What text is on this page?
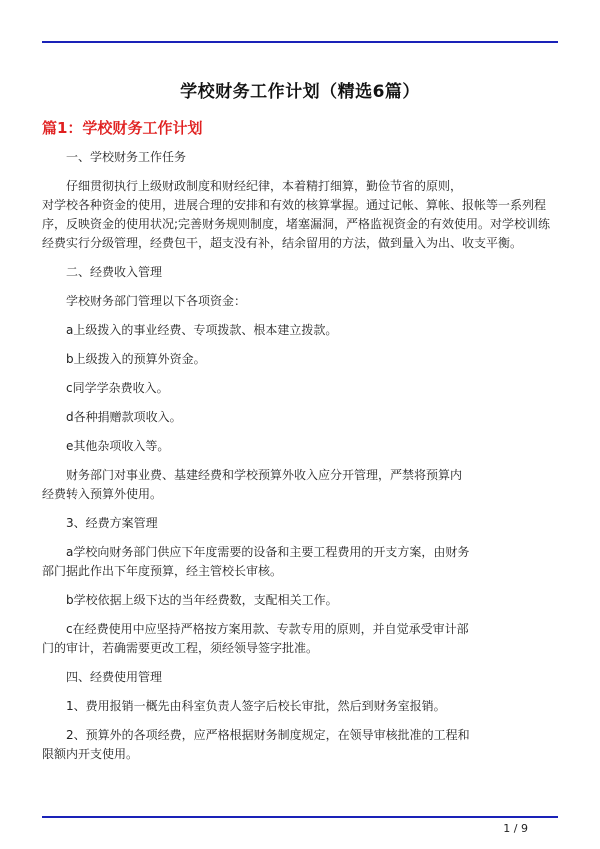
学校财务工作计划（精选6篇）
篇1：学校财务工作计划

一、学校财务工作任务

仔细贯彻执行上级财政制度和财经纪律，本着精打细算，勤俭节省的原则，
对学校各种资金的使用，进展合理的安排和有效的核算掌握。通过记帐、算帐、报帐等一系列程序，反映资金的使用状况;完善财务规则制度，堵塞漏洞，严格监视资金的有效使用。对学校训练经费实行分级管理，经费包干，超支没有补，结余留用的方法，做到量入为出、收支平衡。

二、经费收入管理

学校财务部门管理以下各项资金：

a上级拨入的事业经费、专项拨款、根本建立拨款。

b上级拨入的预算外资金。

c同学学杂费收入。

d各种捐赠款项收入。

e其他杂项收入等。

财务部门对事业费、基建经费和学校预算外收入应分开管理，严禁将预算内
经费转入预算外使用。

3、经费方案管理

a学校向财务部门供应下年度需要的设备和主要工程费用的开支方案，由财务
部门据此作出下年度预算，经主管校长审核。

b学校依据上级下达的当年经费数，支配相关工作。

c在经费使用中应坚持严格按方案用款、专款专用的原则，并自觉承受审计部
门的审计，若确需要更改工程，须经领导签字批准。

四、经费使用管理

1、费用报销一概先由科室负责人签字后校长审批，然后到财务室报销。

2、预算外的各项经费，应严格根据财务制度规定，在领导审核批准的工程和
限额内开支使用。

1 / 9
